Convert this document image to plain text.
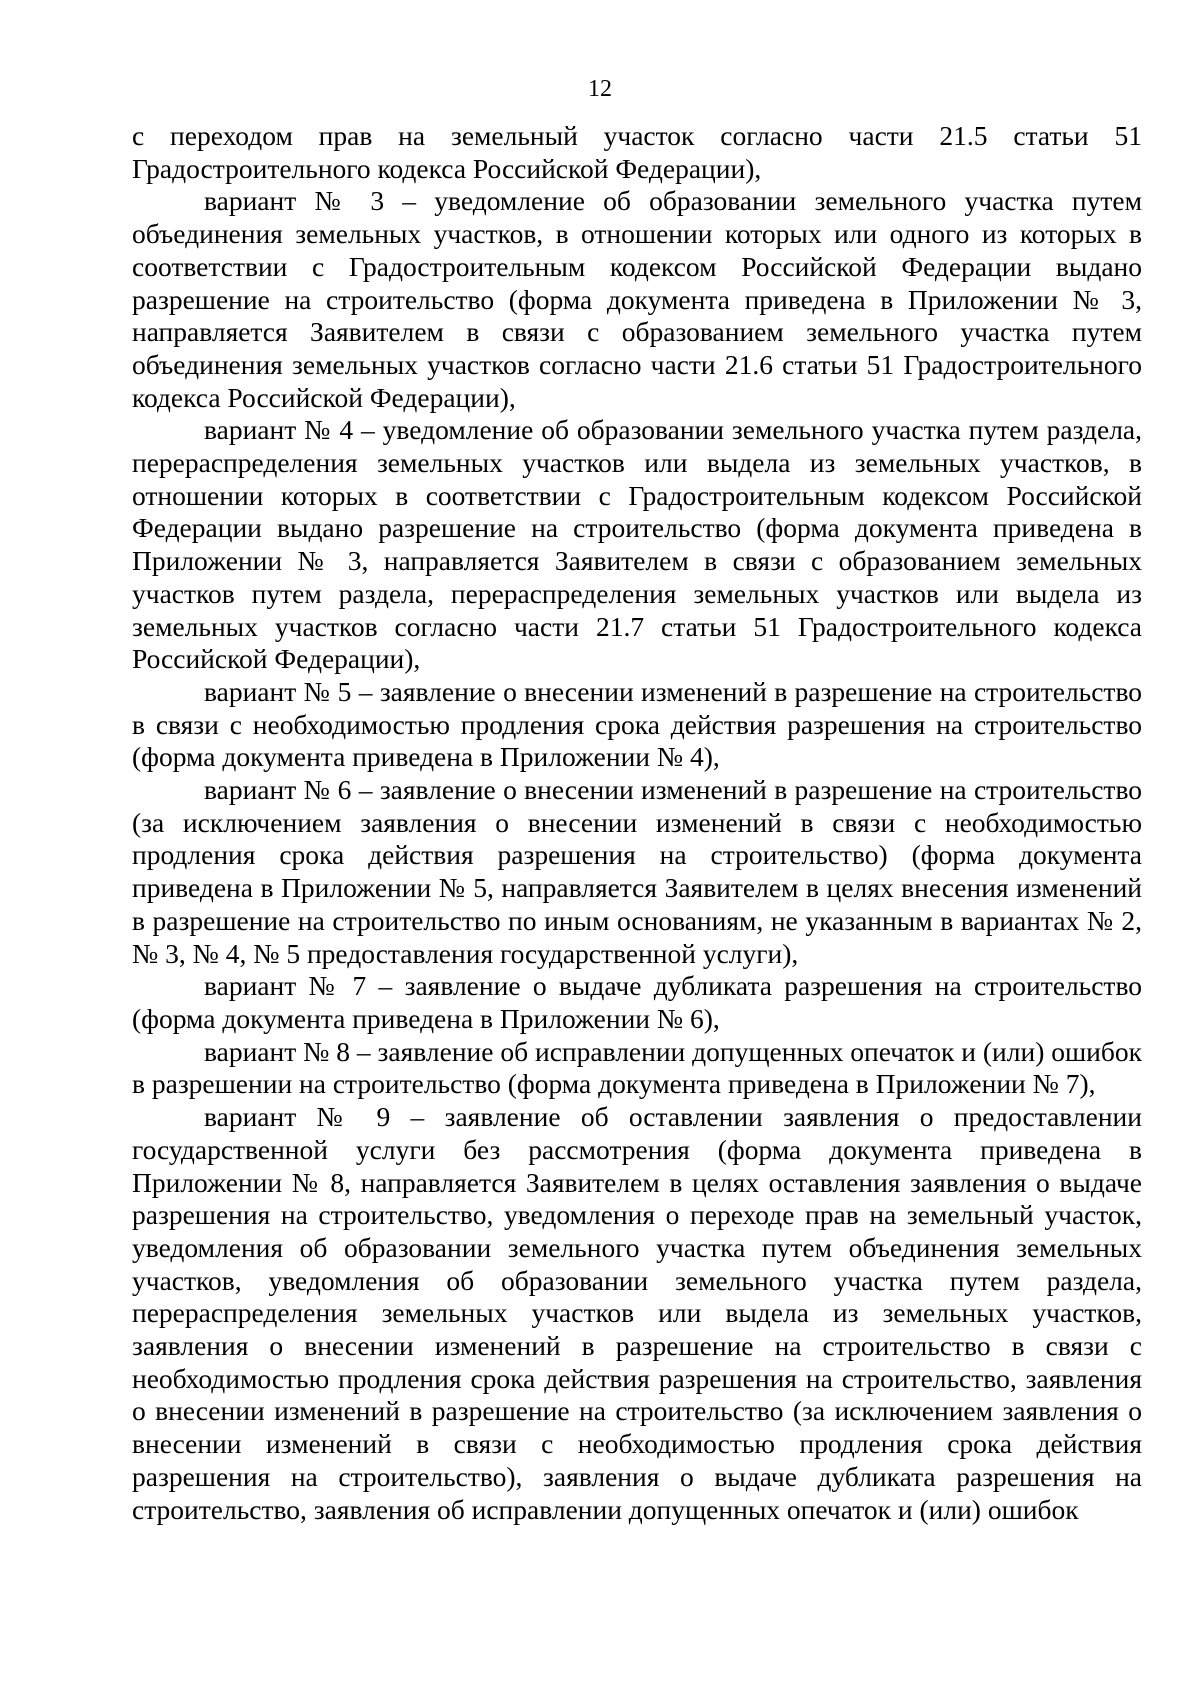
12

с переходом прав на земельный участок согласно части 21.5 статьи 51 Градостроительного кодекса Российской Федерации),

вариант № 3 – уведомление об образовании земельного участка путем объединения земельных участков, в отношении которых или одного из которых в соответствии с Градостроительным кодексом Российской Федерации выдано разрешение на строительство (форма документа приведена в Приложении № 3, направляется Заявителем в связи с образованием земельного участка путем объединения земельных участков согласно части 21.6 статьи 51 Градостроительного кодекса Российской Федерации),

вариант № 4 – уведомление об образовании земельного участка путем раздела, перераспределения земельных участков или выдела из земельных участков, в отношении которых в соответствии с Градостроительным кодексом Российской Федерации выдано разрешение на строительство (форма документа приведена в Приложении № 3, направляется Заявителем в связи с образованием земельных участков путем раздела, перераспределения земельных участков или выдела из земельных участков согласно части 21.7 статьи 51 Градостроительного кодекса Российской Федерации),

вариант № 5 – заявление о внесении изменений в разрешение на строительство в связи с необходимостью продления срока действия разрешения на строительство (форма документа приведена в Приложении № 4),

вариант № 6 – заявление о внесении изменений в разрешение на строительство (за исключением заявления о внесении изменений в связи с необходимостью продления срока действия разрешения на строительство) (форма документа приведена в Приложении № 5, направляется Заявителем в целях внесения изменений в разрешение на строительство по иным основаниям, не указанным в вариантах № 2, № 3, № 4, № 5 предоставления государственной услуги),

вариант № 7 – заявление о выдаче дубликата разрешения на строительство (форма документа приведена в Приложении № 6),

вариант № 8 – заявление об исправлении допущенных опечаток и (или) ошибок в разрешении на строительство (форма документа приведена в Приложении № 7),

вариант № 9 – заявление об оставлении заявления о предоставлении государственной услуги без рассмотрения (форма документа приведена в Приложении № 8, направляется Заявителем в целях оставления заявления о выдаче разрешения на строительство, уведомления о переходе прав на земельный участок, уведомления об образовании земельного участка путем объединения земельных участков, уведомления об образовании земельного участка путем раздела, перераспределения земельных участков или выдела из земельных участков, заявления о внесении изменений в разрешение на строительство в связи с необходимостью продления срока действия разрешения на строительство, заявления о внесении изменений в разрешение на строительство (за исключением заявления о внесении изменений в связи с необходимостью продления срока действия разрешения на строительство), заявления о выдаче дубликата разрешения на строительство, заявления об исправлении допущенных опечаток и (или) ошибок
